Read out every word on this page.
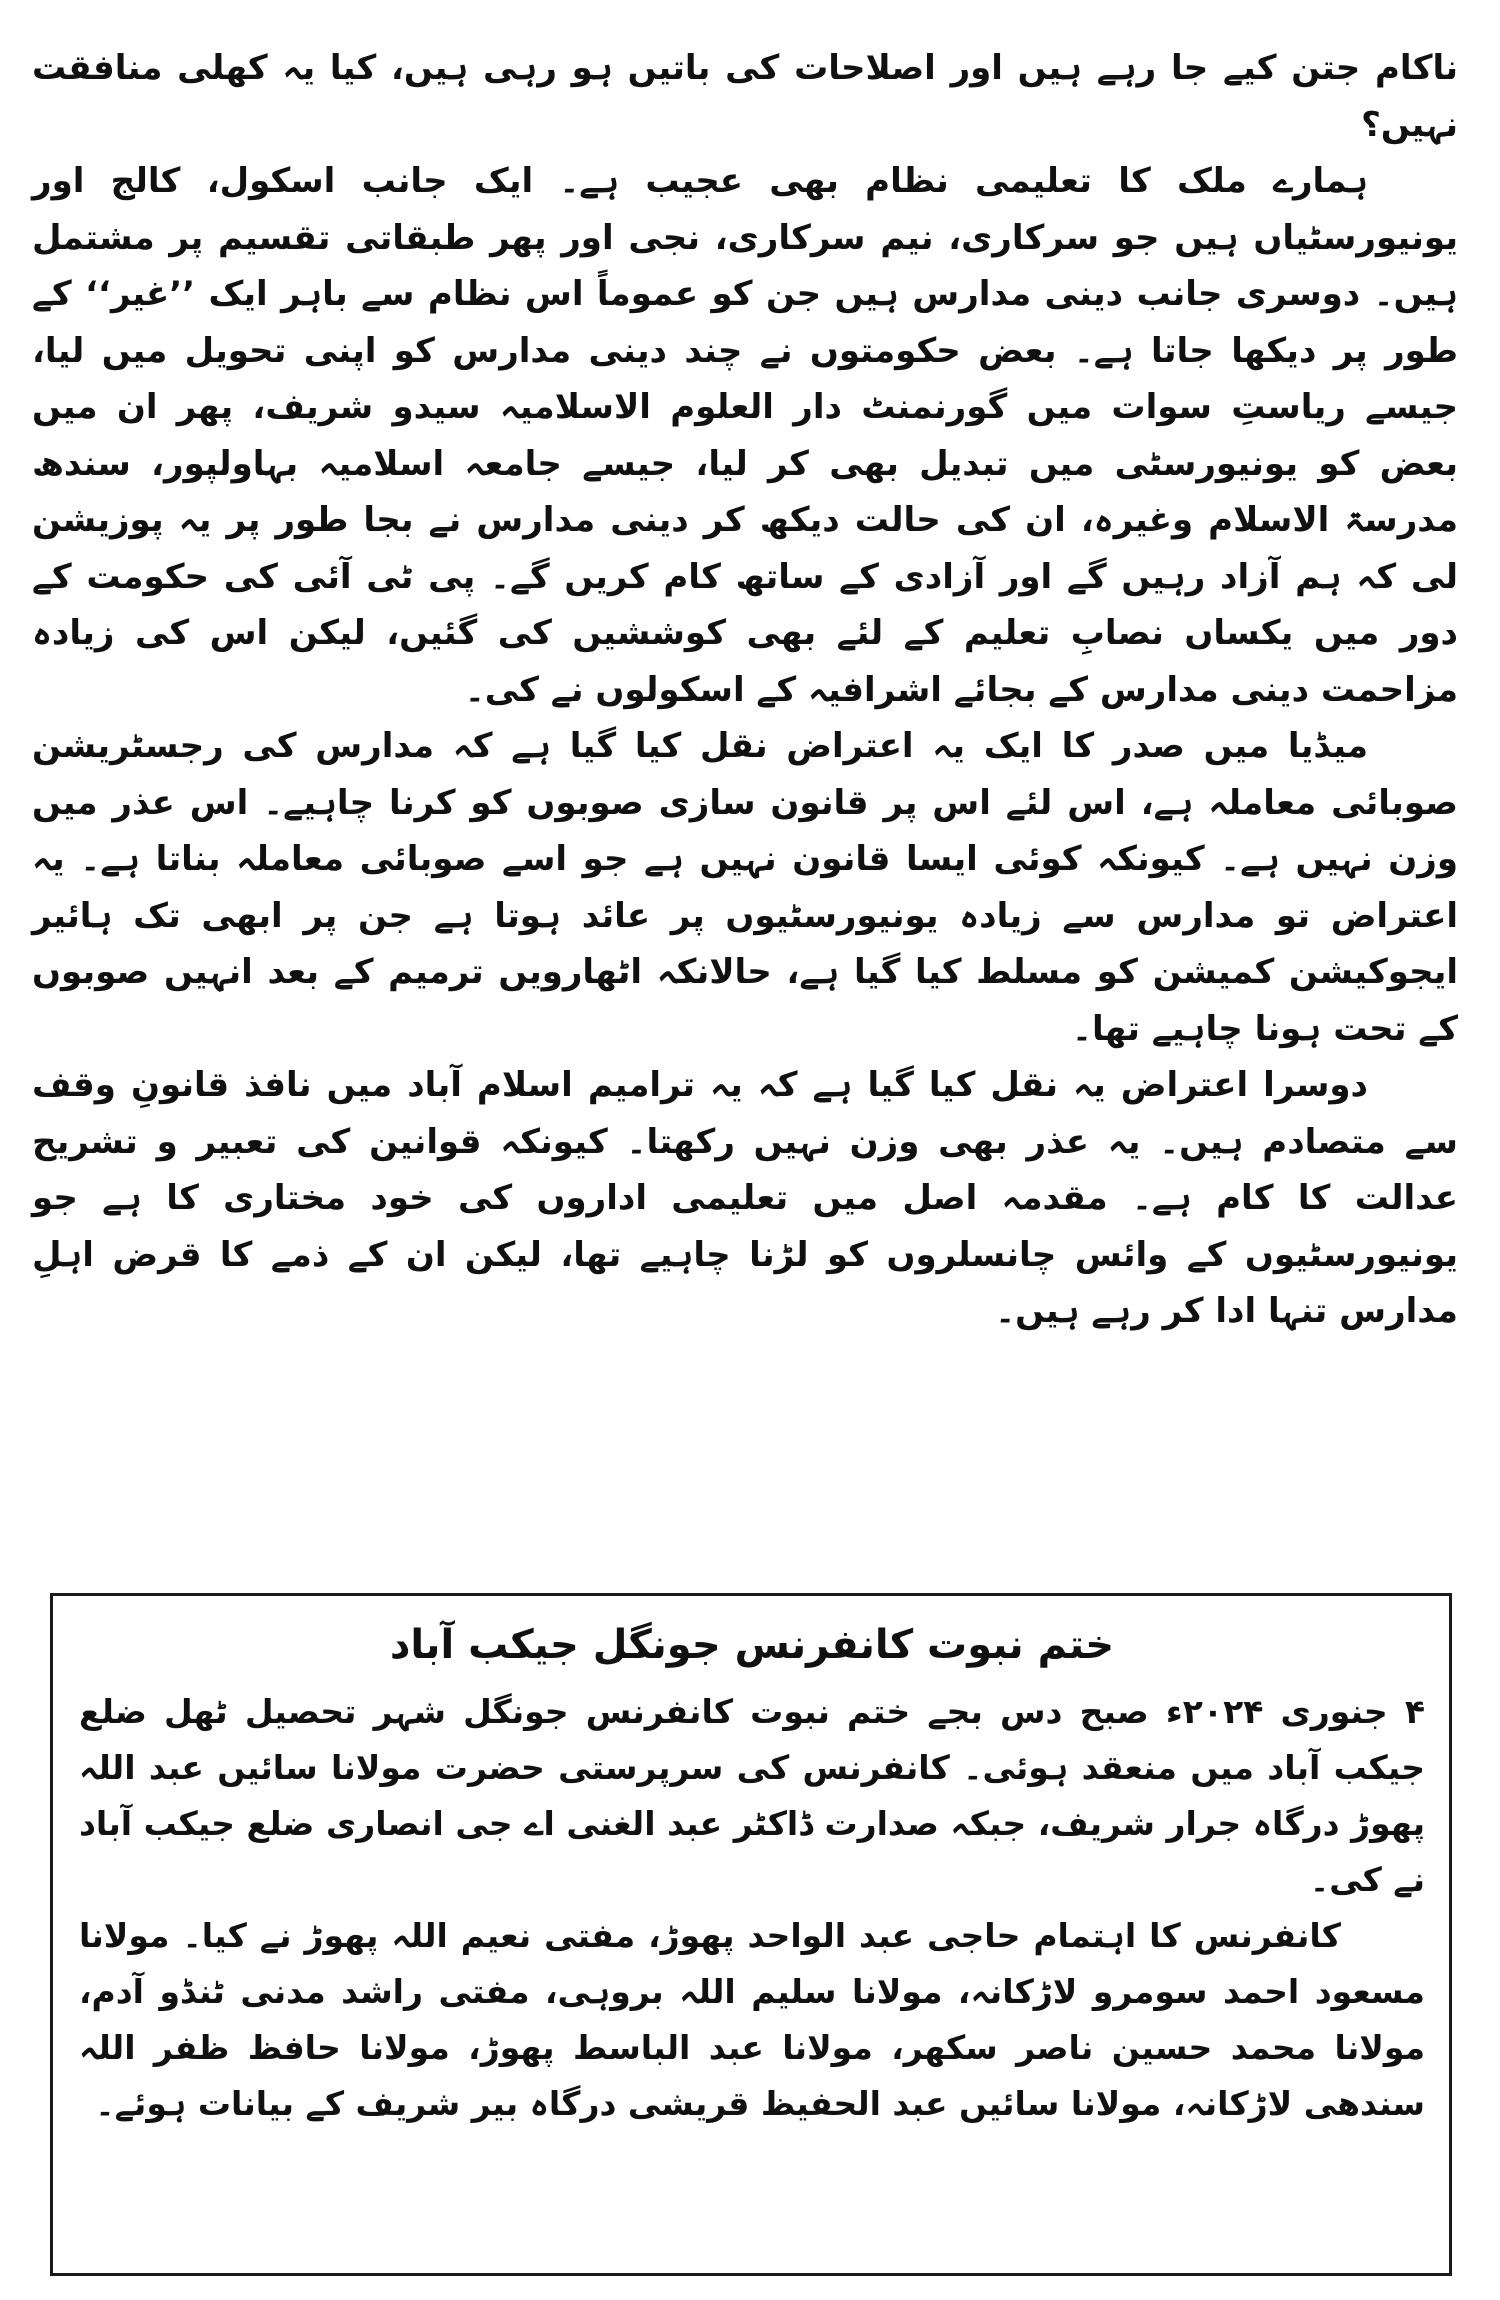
ناکام جتن کیے جا رہے ہیں اور اصلاحات کی باتیں ہو رہی ہیں، کیا یہ کھلی منافقت نہیں؟

ہمارے ملک کا تعلیمی نظام بھی عجیب ہے۔ ایک جانب اسکول، کالج اور یونیورسٹیاں ہیں جو سرکاری، نیم سرکاری، نجی اور پھر طبقاتی تقسیم پر مشتمل ہیں۔ دوسری جانب دینی مدارس ہیں جن کو عموماً اس نظام سے باہر ایک ’’غیر‘‘ کے طور پر دیکھا جاتا ہے۔ بعض حکومتوں نے چند دینی مدارس کو اپنی تحویل میں لیا، جیسے ریاستِ سوات میں گورنمنٹ دار العلوم الاسلامیہ سیدو شریف، پھر ان میں بعض کو یونیورسٹی میں تبدیل بھی کر لیا، جیسے جامعہ اسلامیہ بہاولپور، سندھ مدرسۃ الاسلام وغیرہ، ان کی حالت دیکھ کر دینی مدارس نے بجا طور پر یہ پوزیشن لی کہ ہم آزاد رہیں گے اور آزادی کے ساتھ کام کریں گے۔ پی ٹی آئی کی حکومت کے دور میں یکساں نصابِ تعلیم کے لئے بھی کوششیں کی گئیں، لیکن اس کی زیادہ مزاحمت دینی مدارس کے بجائے اشرافیہ کے اسکولوں نے کی۔

میڈیا میں صدر کا ایک یہ اعتراض نقل کیا گیا ہے کہ مدارس کی رجسٹریشن صوبائی معاملہ ہے، اس لئے اس پر قانون سازی صوبوں کو کرنا چاہیے۔ اس عذر میں وزن نہیں ہے۔ کیونکہ کوئی ایسا قانون نہیں ہے جو اسے صوبائی معاملہ بناتا ہے۔ یہ اعتراض تو مدارس سے زیادہ یونیورسٹیوں پر عائد ہوتا ہے جن پر ابھی تک ہائیر ایجوکیشن کمیشن کو مسلط کیا گیا ہے، حالانکہ اٹھارویں ترمیم کے بعد انہیں صوبوں کے تحت ہونا چاہیے تھا۔

دوسرا اعتراض یہ نقل کیا گیا ہے کہ یہ ترامیم اسلام آباد میں نافذ قانونِ وقف سے متصادم ہیں۔ یہ عذر بھی وزن نہیں رکھتا۔ کیونکہ قوانین کی تعبیر و تشریح عدالت کا کام ہے۔ مقدمہ اصل میں تعلیمی اداروں کی خود مختاری کا ہے جو یونیورسٹیوں کے وائس چانسلروں کو لڑنا چاہیے تھا، لیکن ان کے ذمے کا قرض اہلِ مدارس تنہا ادا کر رہے ہیں۔

ختم نبوت کانفرنس جونگل جیکب آباد

۴ جنوری ۲۰۲۴ء صبح دس بجے ختم نبوت کانفرنس جونگل شہر تحصیل ٹھل ضلع جیکب آباد میں منعقد ہوئی۔ کانفرنس کی سرپرستی حضرت مولانا سائیں عبد اللہ پھوڑ درگاہ جرار شریف، جبکہ صدارت ڈاکٹر عبد الغنی اے جی انصاری ضلع جیکب آباد نے کی۔

کانفرنس کا اہتمام حاجی عبد الواحد پھوڑ، مفتی نعیم اللہ پھوڑ نے کیا۔ مولانا مسعود احمد سومرو لاڑکانہ، مولانا سلیم اللہ بروہی، مفتی راشد مدنی ٹنڈو آدم، مولانا محمد حسین ناصر سکھر، مولانا عبد الباسط پھوڑ، مولانا حافظ ظفر اللہ سندھی لاڑکانہ، مولانا سائیں عبد الحفیظ قریشی درگاہ بیر شریف کے بیانات ہوئے۔
